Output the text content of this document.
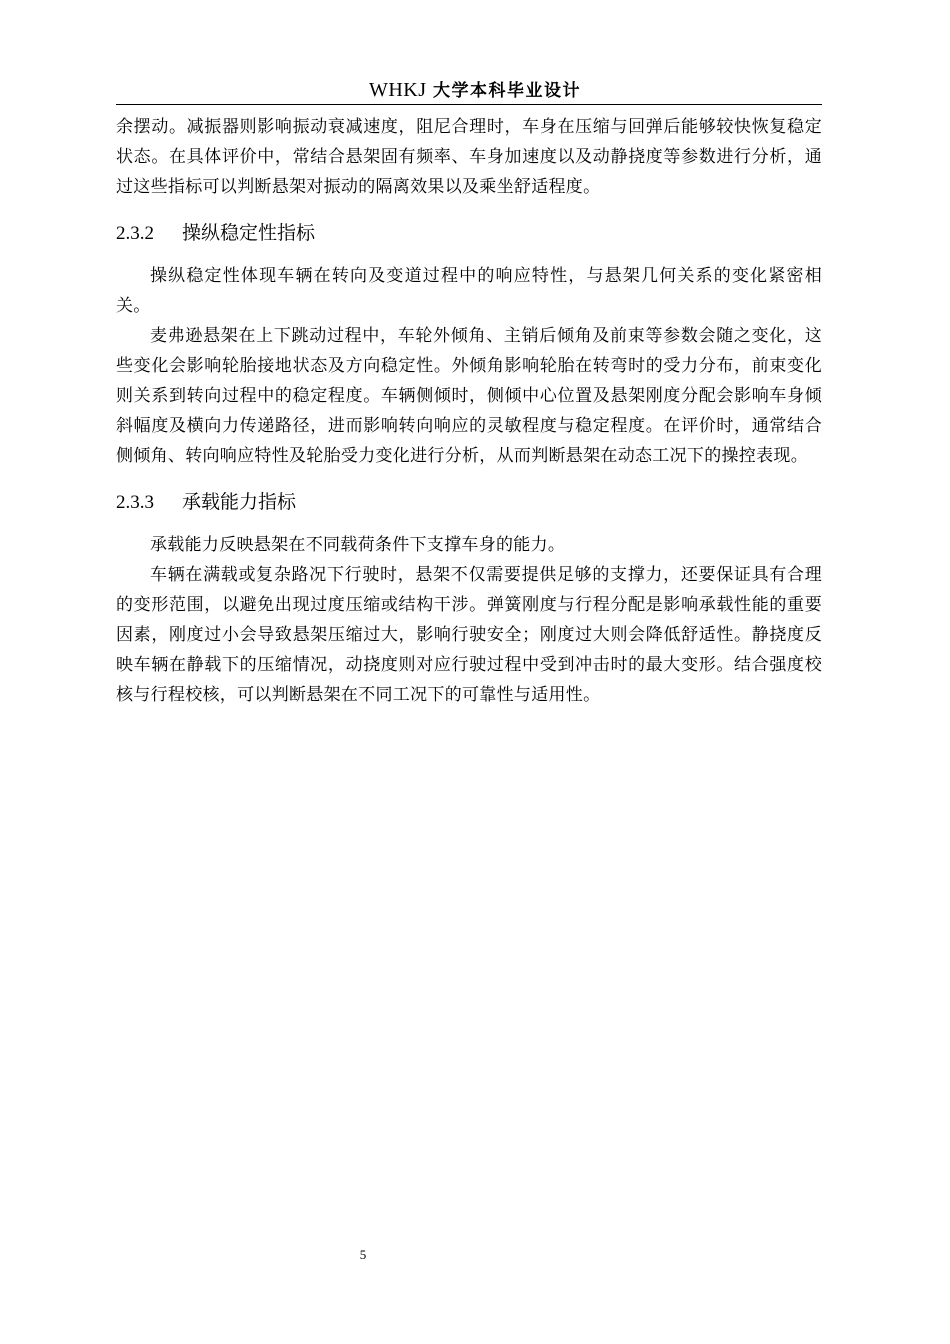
WHKJ 大学本科毕业设计

余摆动。减振器则影响振动衰减速度，阻尼合理时，车身在压缩与回弹后能够较快恢复稳定状态。在具体评价中，常结合悬架固有频率、车身加速度以及动静挠度等参数进行分析，通过这些指标可以判断悬架对振动的隔离效果以及乘坐舒适程度。

2.3.2 操纵稳定性指标

操纵稳定性体现车辆在转向及变道过程中的响应特性，与悬架几何关系的变化紧密相关。

麦弗逊悬架在上下跳动过程中，车轮外倾角、主销后倾角及前束等参数会随之变化，这些变化会影响轮胎接地状态及方向稳定性。外倾角影响轮胎在转弯时的受力分布，前束变化则关系到转向过程中的稳定程度。车辆侧倾时，侧倾中心位置及悬架刚度分配会影响车身倾斜幅度及横向力传递路径，进而影响转向响应的灵敏程度与稳定程度。在评价时，通常结合侧倾角、转向响应特性及轮胎受力变化进行分析，从而判断悬架在动态工况下的操控表现。

2.3.3 承载能力指标

承载能力反映悬架在不同载荷条件下支撑车身的能力。

车辆在满载或复杂路况下行驶时，悬架不仅需要提供足够的支撑力，还要保证具有合理的变形范围，以避免出现过度压缩或结构干涉。弹簧刚度与行程分配是影响承载性能的重要因素，刚度过小会导致悬架压缩过大，影响行驶安全；刚度过大则会降低舒适性。静挠度反映车辆在静载下的压缩情况，动挠度则对应行驶过程中受到冲击时的最大变形。结合强度校核与行程校核，可以判断悬架在不同工况下的可靠性与适用性。

5
